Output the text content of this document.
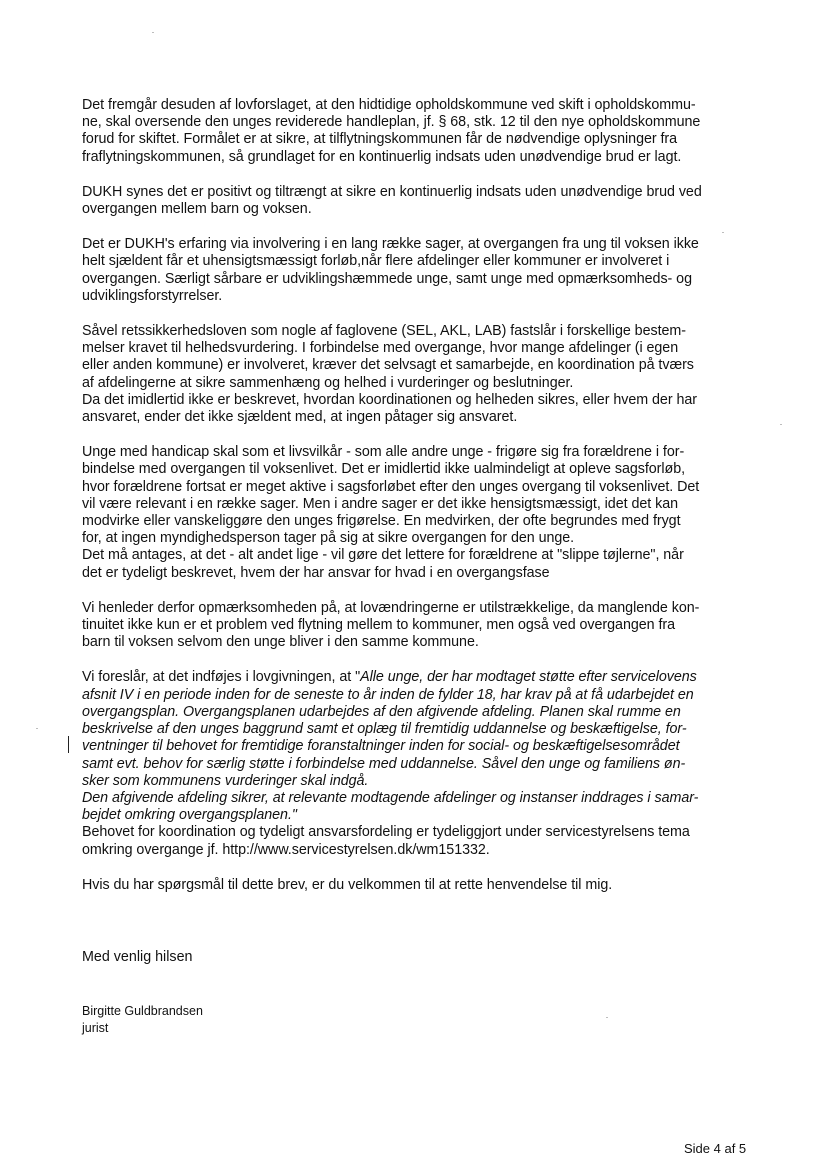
Det fremgår desuden af lovforslaget, at den hidtidige opholdskommune ved skift i opholdskommu-
ne, skal oversende den unges reviderede handleplan, jf. § 68, stk. 12 til den nye opholdskommune
forud for skiftet. Formålet er at sikre, at tilflytningskommunen får de nødvendige oplysninger fra
fraflytningskommunen, så grundlaget for en kontinuerlig indsats uden unødvendige brud er lagt.
DUKH synes det er positivt og tiltrængt at sikre en kontinuerlig indsats uden unødvendige brud ved
overgangen mellem barn og voksen.
Det er DUKH's erfaring via involvering i en lang række sager, at overgangen fra ung til voksen ikke
helt sjældent får et uhensigtsmæssigt forløb,når flere afdelinger eller kommuner er involveret i
overgangen. Særligt sårbare er udviklingshæmmede unge, samt unge med opmærksomheds- og
udviklingsforstyrrelser.
Såvel retssikkerhedsloven som nogle af faglovene (SEL, AKL, LAB) fastslår i forskellige bestem-
melser kravet til helhedsvurdering. I forbindelse med overgange, hvor mange afdelinger (i egen
eller anden kommune) er involveret, kræver det selvsagt et samarbejde, en koordination på tværs
af afdelingerne at sikre sammenhæng og helhed i vurderinger og beslutninger.
Da det imidlertid ikke er beskrevet, hvordan koordinationen og helheden sikres, eller hvem der har
ansvaret, ender det ikke sjældent med, at ingen påtager sig ansvaret.
Unge med handicap skal som et livsvilkår - som alle andre unge - frigøre sig fra forældrene i for-
bindelse med overgangen til voksenlivet. Det er imidlertid ikke ualmindeligt at opleve sagsforløb,
hvor forældrene fortsat er meget aktive i sagsforløbet efter den unges overgang til voksenlivet. Det
vil være relevant i en række sager. Men i andre sager er det ikke hensigtsmæssigt, idet det kan
modvirke eller vanskeliggøre den unges frigørelse. En medvirken, der ofte begrundes med frygt
for, at ingen myndighedsperson tager på sig at sikre overgangen for den unge.
Det må antages, at det - alt andet lige - vil gøre det lettere for forældrene at "slippe tøjlerne", når
det er tydeligt beskrevet, hvem der har ansvar for hvad i en overgangsfase
Vi henleder derfor opmærksomheden på, at lovændringerne er utilstrækkelige, da manglende kon-
tinuitet ikke kun er et problem ved flytning mellem to kommuner, men også ved overgangen fra
barn til voksen selvom den unge bliver i den samme kommune.
Vi foreslår, at det indføjes i lovgivningen, at "Alle unge, der har modtaget støtte efter servicelovens
afsnit IV i en periode inden for de seneste to år inden de fylder 18, har krav på at få udarbejdet en
overgangsplan. Overgangsplanen udarbejdes af den afgivende afdeling. Planen skal rumme en
beskrivelse af den unges baggrund samt et oplæg til fremtidig uddannelse og beskæftigelse, for-
ventninger til behovet for fremtidige foranstaltninger inden for social- og beskæftigelsesområdet
samt evt. behov for særlig støtte i forbindelse med uddannelse. Såvel den unge og familiens øn-
sker som kommunens vurderinger skal indgå.
Den afgivende afdeling sikrer, at relevante modtagende afdelinger og instanser inddrages i samar-
bejdet omkring overgangsplanen."
Behovet for koordination og tydeligt ansvarsfordeling er tydeliggjort under servicestyrelsens tema
omkring overgange jf. http://www.servicestyrelsen.dk/wm151332.
Hvis du har spørgsmål til dette brev, er du velkommen til at rette henvendelse til mig.
Med venlig hilsen
Birgitte Guldbrandsen
jurist
Side 4 af 5
